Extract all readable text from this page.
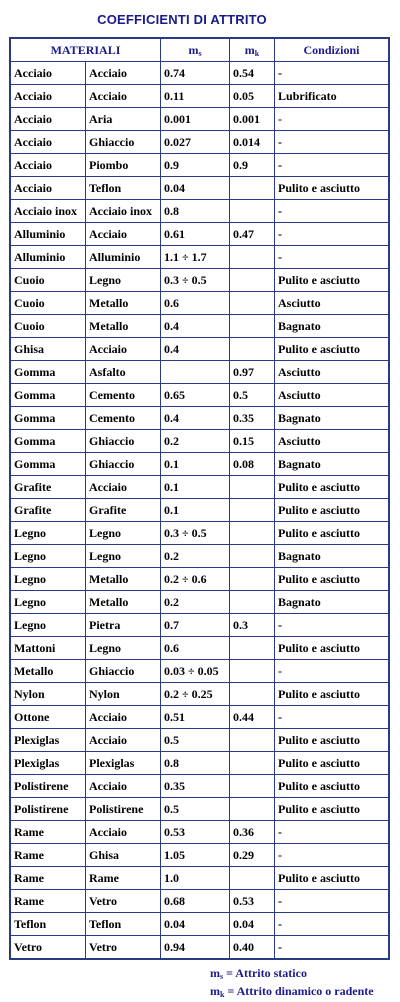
COEFFICIENTI DI ATTRITO
MATERIALI		$m_s$	$m_k$	Condizioni
Acciaio	Acciaio	0.74	0.54	-
Acciaio	Acciaio	0.11	0.05	Lubrificato
Acciaio	Aria	0.001	0.001	-
Acciaio	Ghiaccio	0.027	0.014	-
Acciaio	Piombo	0.9	0.9	-
Acciaio	Teflon	0.04		Pulito e asciutto
Acciaio inox	Acciaio inox	0.8		-
Alluminio	Acciaio	0.61	0.47	-
Alluminio	Alluminio	1.1 ÷ 1.7		-
Cuoio	Legno	0.3 ÷ 0.5		Pulito e asciutto
Cuoio	Metallo	0.6		Asciutto
Cuoio	Metallo	0.4		Bagnato
Ghisa	Acciaio	0.4		Pulito e asciutto
Gomma	Asfalto		0.97	Asciutto
Gomma	Cemento	0.65	0.5	Asciutto
Gomma	Cemento	0.4	0.35	Bagnato
Gomma	Ghiaccio	0.2	0.15	Asciutto
Gomma	Ghiaccio	0.1	0.08	Bagnato
Grafite	Acciaio	0.1		Pulito e asciutto
Grafite	Grafite	0.1		Pulito e asciutto
Legno	Legno	0.3 ÷ 0.5		Pulito e asciutto
Legno	Legno	0.2		Bagnato
Legno	Metallo	0.2 ÷ 0.6		Pulito e asciutto
Legno	Metallo	0.2		Bagnato
Legno	Pietra	0.7	0.3	-
Mattoni	Legno	0.6		Pulito e asciutto
Metallo	Ghiaccio	0.03 ÷ 0.05		-
Nylon	Nylon	0.2 ÷ 0.25		Pulito e asciutto
Ottone	Acciaio	0.51	0.44	-
Plexiglas	Acciaio	0.5		Pulito e asciutto
Plexiglas	Plexiglas	0.8		Pulito e asciutto
Polistirene	Acciaio	0.35		Pulito e asciutto
Polistirene	Polistirene	0.5		Pulito e asciutto
Rame	Acciaio	0.53	0.36	-
Rame	Ghisa	1.05	0.29	-
Rame	Rame	1.0		Pulito e asciutto
Rame	Vetro	0.68	0.53	-
Teflon	Teflon	0.04	0.04	-
Vetro	Vetro	0.94	0.40	-
$m_s$ = Attrito statico
$m_k$ = Attrito dinamico o radente
